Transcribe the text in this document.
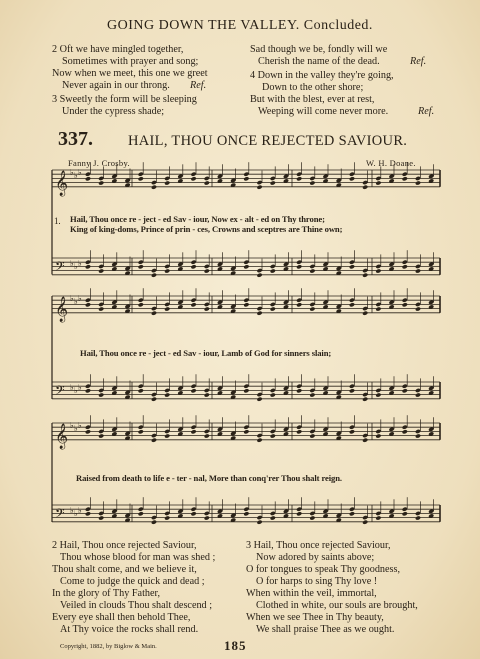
GOING DOWN THE VALLEY. Concluded.
2 Oft we have mingled together,
Sometimes with prayer and song;
Now when we meet, this one we greet
Never again in our throng. Ref.
3 Sweetly the form will be sleeping
Under the cypress shade;
Sad though we be, fondly will we
Cherish the name of the dead.	Ref.
4 Down in the valley they're going,
Down to the other shore;
But with the blest, ever at rest,
Weeping will come never more.	Ref.
337. HAIL, THOU ONCE REJECTED SAVIOUR.
Fanny J. Crosby.	W. H. Doane.
𝄞 ♭ ♭ ♭
𝄢 ♭ ♭ ♭
𝄞 ♭ ♭ ♭
𝄢 ♭ ♭ ♭
𝄞 ♭ ♭ ♭
𝄢 ♭ ♭ ♭
1. Hail, Thou once re - ject - ed Sav - iour, Now ex - alt - ed on Thy throne;
King of king-doms, Prince of prin - ces, Crowns and sceptres are Thine own;
Hail, Thou once re - ject - ed Sav - iour, Lamb of God for sinners slain;
Raised from death to life e - ter - nal, More than conq'rer Thou shalt reign.
2 Hail, Thou once rejected Saviour,
Thou whose blood for man was shed ;
Thou shalt come, and we believe it,
Come to judge the quick and dead ;
In the glory of Thy Father,
Veiled in clouds Thou shalt descend ;
Every eye shall then behold Thee,
At Thy voice the rocks shall rend.
3 Hail, Thou once rejected Saviour,
Now adored by saints above;
O for tongues to speak Thy goodness,
O for harps to sing Thy love !
When within the veil, immortal,
Clothed in white, our souls are brought,
When we see Thee in Thy beauty,
We shall praise Thee as we ought.
Copyright, 1882, by Biglow & Main.	185
